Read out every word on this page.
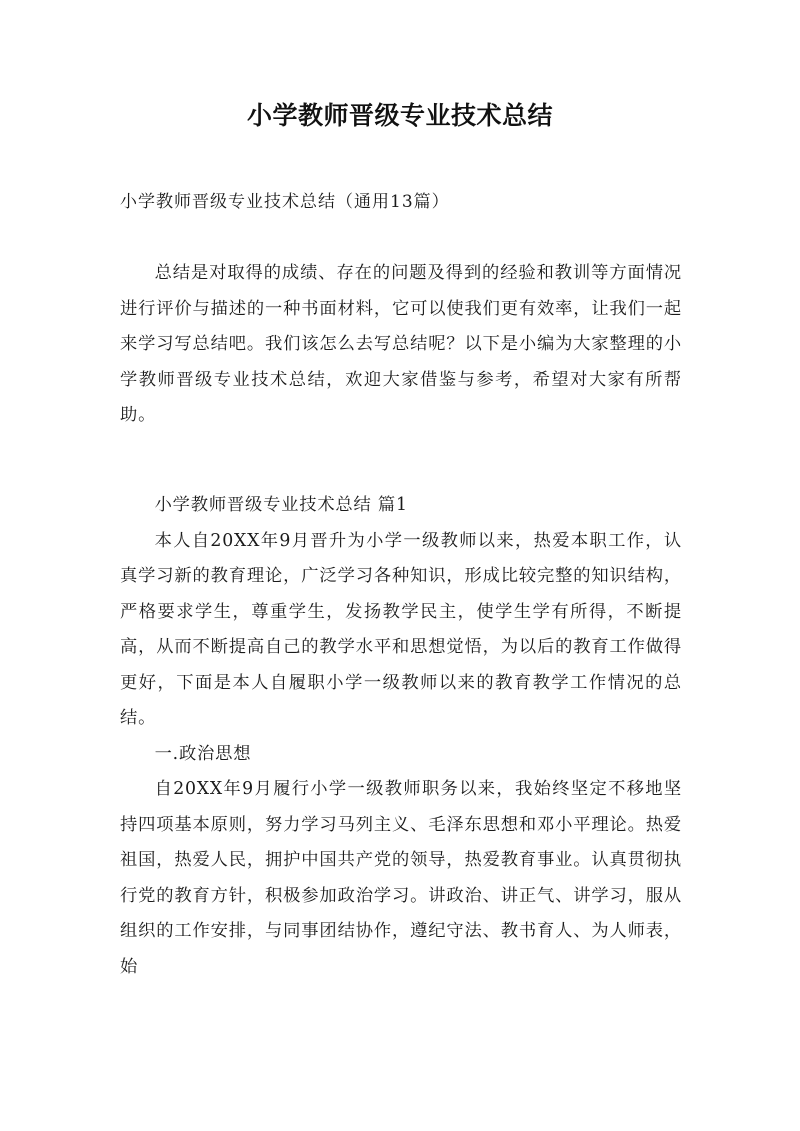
小学教师晋级专业技术总结
小学教师晋级专业技术总结（通用13篇）

总结是对取得的成绩、存在的问题及得到的经验和教训等方面情况进行评价与描述的一种书面材料，它可以使我们更有效率，让我们一起来学习写总结吧。我们该怎么去写总结呢？以下是小编为大家整理的小学教师晋级专业技术总结，欢迎大家借鉴与参考，希望对大家有所帮助。

小学教师晋级专业技术总结 篇1

本人自20XX年9月晋升为小学一级教师以来，热爱本职工作，认真学习新的教育理论，广泛学习各种知识，形成比较完整的知识结构，严格要求学生，尊重学生，发扬教学民主，使学生学有所得，不断提高，从而不断提高自己的教学水平和思想觉悟，为以后的教育工作做得更好，下面是本人自履职小学一级教师以来的教育教学工作情况的总结。

一.政治思想

自20XX年9月履行小学一级教师职务以来，我始终坚定不移地坚持四项基本原则，努力学习马列主义、毛泽东思想和邓小平理论。热爱祖国，热爱人民，拥护中国共产党的领导，热爱教育事业。认真贯彻执行党的教育方针，积极参加政治学习。讲政治、讲正气、讲学习，服从组织的工作安排，与同事团结协作，遵纪守法、教书育人、为人师表，始
